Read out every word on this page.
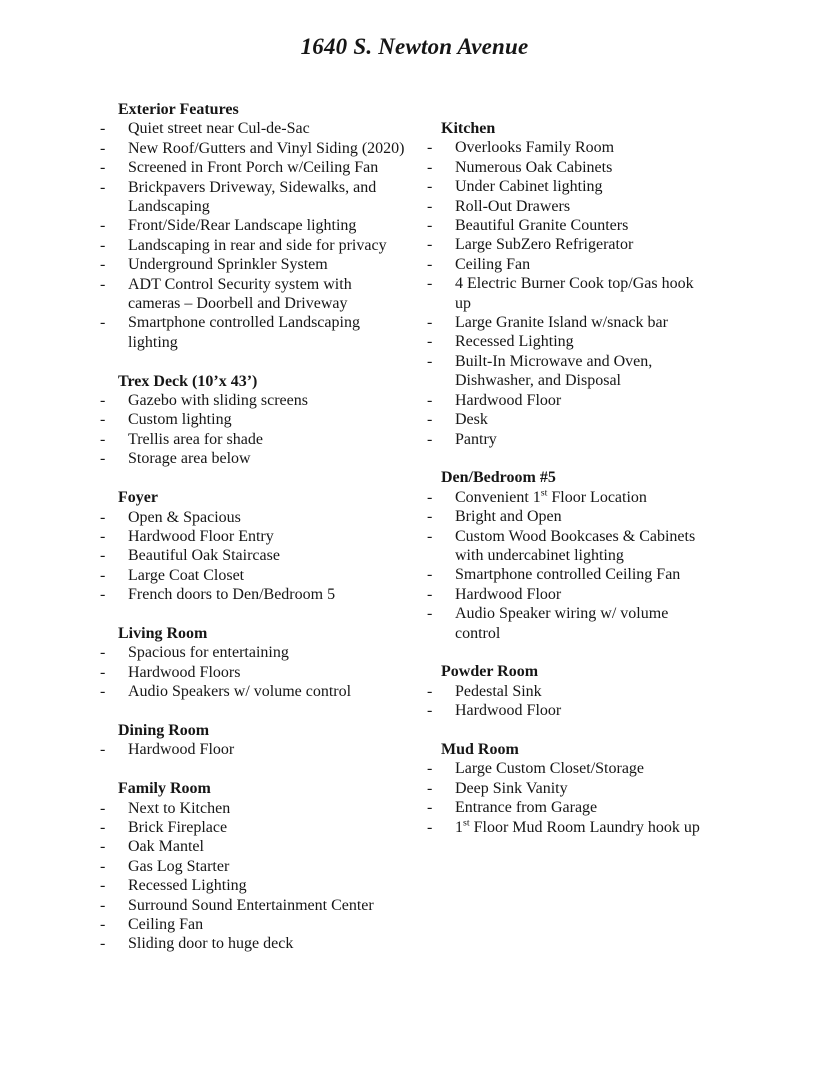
1640 S. Newton Avenue
Exterior Features
-	Quiet street near Cul-de-Sac
-	New Roof/Gutters and Vinyl Siding (2020)
-	Screened in Front Porch w/Ceiling Fan
-	Brickpavers Driveway, Sidewalks, and Landscaping
-	Front/Side/Rear Landscape lighting
-	Landscaping in rear and side for privacy
-	Underground Sprinkler System
-	ADT Control Security system with cameras – Doorbell and Driveway
-	Smartphone controlled Landscaping lighting
Trex Deck (10’x 43’)
-	Gazebo with sliding screens
-	Custom lighting
-	Trellis area for shade
-	Storage area below
Foyer
-	Open & Spacious
-	Hardwood Floor Entry
-	Beautiful Oak Staircase
-	Large Coat Closet
-	French doors to Den/Bedroom 5
Living Room
-	Spacious for entertaining
-	Hardwood Floors
-	Audio Speakers w/ volume control
Dining Room
-	Hardwood Floor
Family Room
-	Next to Kitchen
-	Brick Fireplace
-	Oak Mantel
-	Gas Log Starter
-	Recessed Lighting
-	Surround Sound Entertainment Center
-	Ceiling Fan
-	Sliding door to huge deck
Kitchen
-	Overlooks Family Room
-	Numerous Oak Cabinets
-	Under Cabinet lighting
-	Roll-Out Drawers
-	Beautiful Granite Counters
-	Large SubZero Refrigerator
-	Ceiling Fan
-	4 Electric Burner Cook top/Gas hook up
-	Large Granite Island w/snack bar
-	Recessed Lighting
-	Built-In Microwave and Oven, Dishwasher, and Disposal
-	Hardwood Floor
-	Desk
-	Pantry
Den/Bedroom #5
-	Convenient 1st Floor Location
-	Bright and Open
-	Custom Wood Bookcases & Cabinets with undercabinet lighting
-	Smartphone controlled Ceiling Fan
-	Hardwood Floor
-	Audio Speaker wiring w/ volume control
Powder Room
-	Pedestal Sink
-	Hardwood Floor
Mud Room
-	Large Custom Closet/Storage
-	Deep Sink Vanity
-	Entrance from Garage
-	1st Floor Mud Room Laundry hook up
